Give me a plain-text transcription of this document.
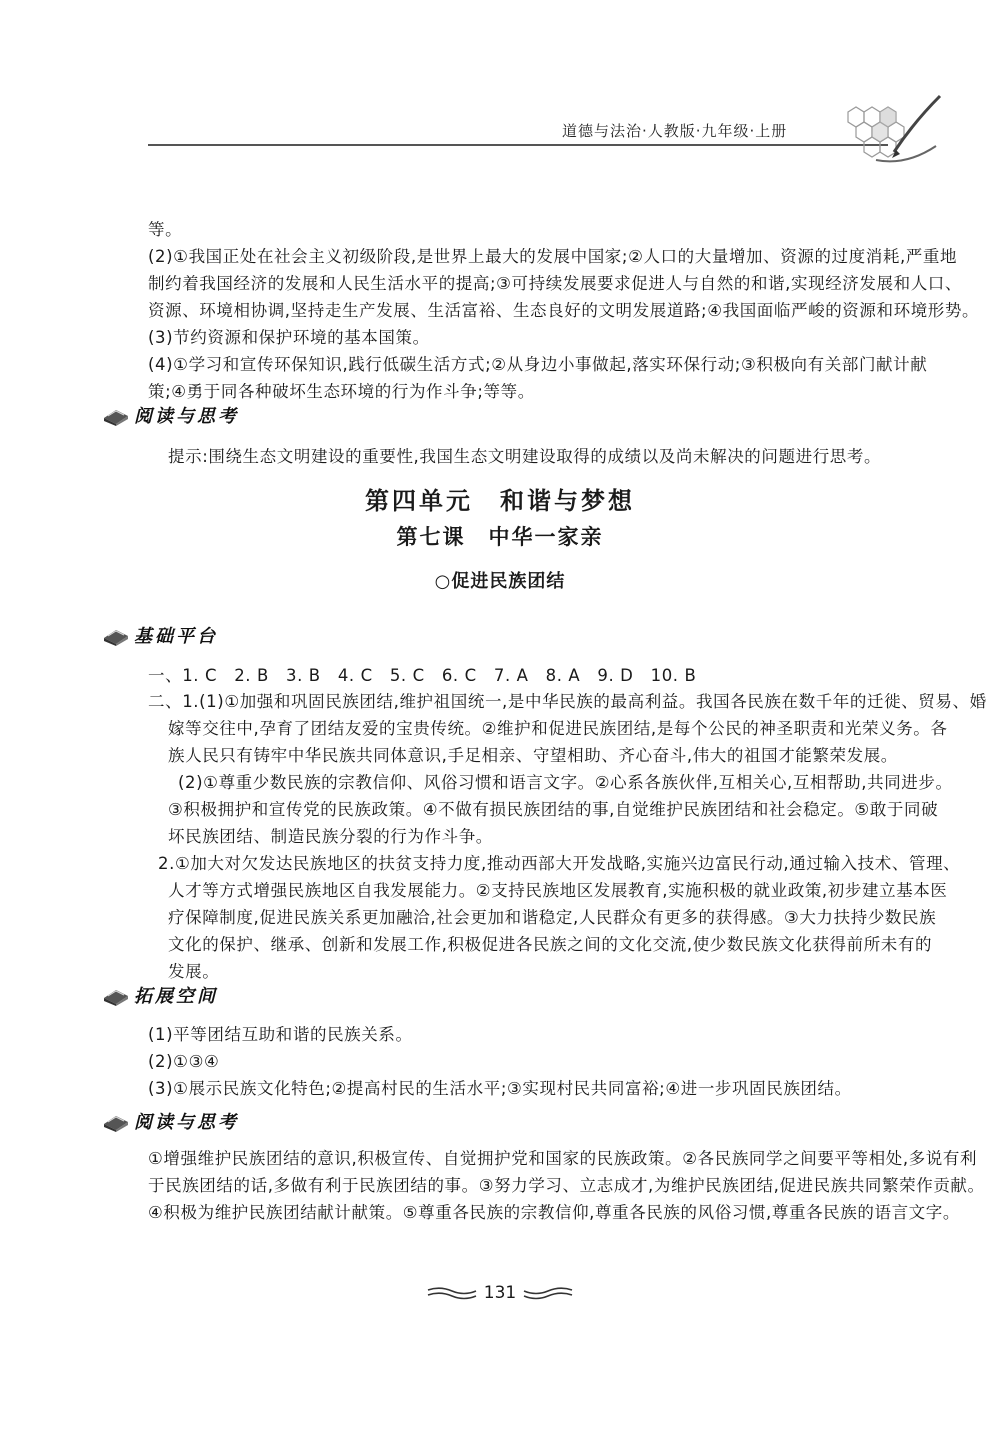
道德与法治·人教版·九年级·上册
等。
(2)①我国正处在社会主义初级阶段,是世界上最大的发展中国家;②人口的大量增加、资源的过度消耗,严重地
制约着我国经济的发展和人民生活水平的提高;③可持续发展要求促进人与自然的和谐,实现经济发展和人口、
资源、环境相协调,坚持走生产发展、生活富裕、生态良好的文明发展道路;④我国面临严峻的资源和环境形势。
(3)节约资源和保护环境的基本国策。
(4)①学习和宣传环保知识,践行低碳生活方式;②从身边小事做起,落实环保行动;③积极向有关部门献计献
策;④勇于同各种破坏生态环境的行为作斗争;等等。
阅读与思考
提示:围绕生态文明建设的重要性,我国生态文明建设取得的成绩以及尚未解决的问题进行思考。
第四单元　和谐与梦想
第七课　中华一家亲
○促进民族团结
基础平台
一、1. C　2. B　3. B　4. C　5. C　6. C　7. A　8. A　9. D　10. B
二、1.(1)①加强和巩固民族团结,维护祖国统一,是中华民族的最高利益。我国各民族在数千年的迁徙、贸易、婚
嫁等交往中,孕育了团结友爱的宝贵传统。②维护和促进民族团结,是每个公民的神圣职责和光荣义务。各
族人民只有铸牢中华民族共同体意识,手足相亲、守望相助、齐心奋斗,伟大的祖国才能繁荣发展。
(2)①尊重少数民族的宗教信仰、风俗习惯和语言文字。②心系各族伙伴,互相关心,互相帮助,共同进步。
③积极拥护和宣传党的民族政策。④不做有损民族团结的事,自觉维护民族团结和社会稳定。⑤敢于同破
坏民族团结、制造民族分裂的行为作斗争。
2.①加大对欠发达民族地区的扶贫支持力度,推动西部大开发战略,实施兴边富民行动,通过输入技术、管理、
人才等方式增强民族地区自我发展能力。②支持民族地区发展教育,实施积极的就业政策,初步建立基本医
疗保障制度,促进民族关系更加融洽,社会更加和谐稳定,人民群众有更多的获得感。③大力扶持少数民族
文化的保护、继承、创新和发展工作,积极促进各民族之间的文化交流,使少数民族文化获得前所未有的
发展。
拓展空间
(1)平等团结互助和谐的民族关系。
(2)①③④
(3)①展示民族文化特色;②提高村民的生活水平;③实现村民共同富裕;④进一步巩固民族团结。
阅读与思考
①增强维护民族团结的意识,积极宣传、自觉拥护党和国家的民族政策。②各民族同学之间要平等相处,多说有利
于民族团结的话,多做有利于民族团结的事。③努力学习、立志成才,为维护民族团结,促进民族共同繁荣作贡献。
④积极为维护民族团结献计献策。⑤尊重各民族的宗教信仰,尊重各民族的风俗习惯,尊重各民族的语言文字。
131
